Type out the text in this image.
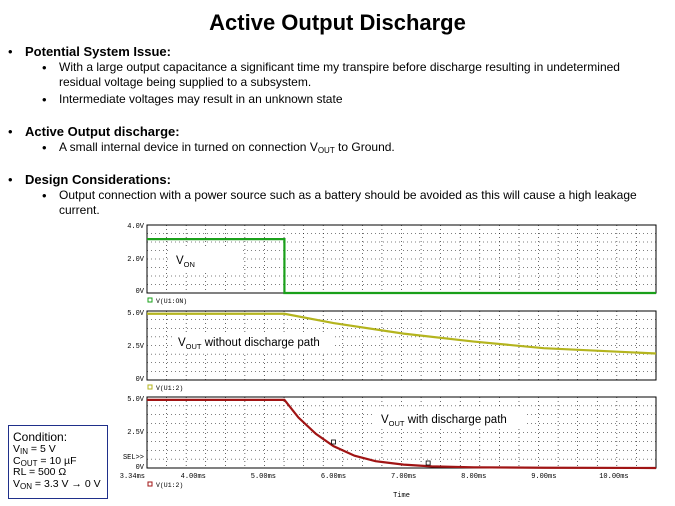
Active Output Discharge
• Potential System Issue:
• With a large output capacitance a significant time my transpire before discharge resulting in undetermined residual voltage being supplied to a subsystem.
• Intermediate voltages may result in an unknown state
• Active Output discharge:
• A small internal device in turned on connection $V_{OUT}$ to Ground.
• Design Considerations:
• Output connection with a power source such as a battery should be avoided as this will cause a high leakage current.
Condition:
$V_{IN} = 5$ V
$C_{OUT} = 10$ µF
RL = 500 Ω
$V_{ON} = 3.3$ V → 0 V
4.0V
2.0V
0V
V(U1:ON)
$V_{ON}$
5.0V
2.5V
0V
V(U1:2)
$V_{OUT}$ without discharge path
5.0V
2.5V
SEL>>
0V
V(U1:2)
$V_{OUT}$ with discharge path
3.34ms	4.00ms	5.00ms	6.00ms	7.00ms	8.00ms	9.00ms	10.00ms
Time
